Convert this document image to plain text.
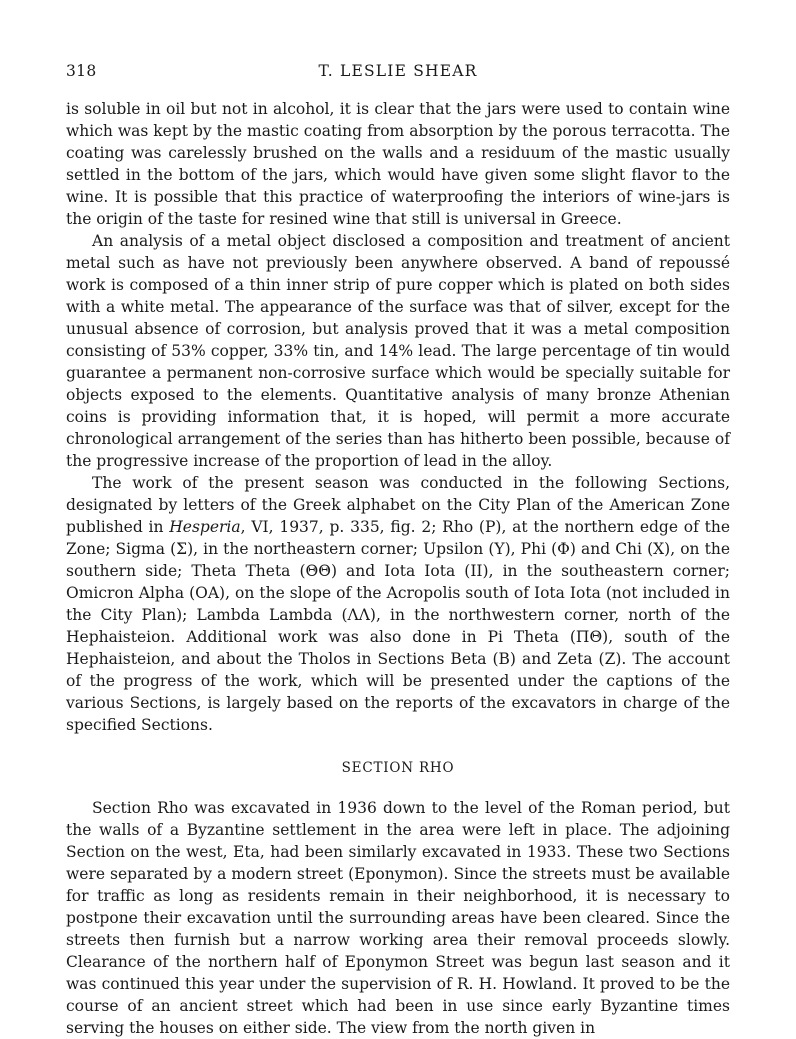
318	T. LESLIE SHEAR

is soluble in oil but not in alcohol, it is clear that the jars were used to contain wine which was kept by the mastic coating from absorption by the porous terracotta. The coating was carelessly brushed on the walls and a residuum of the mastic usually settled in the bottom of the jars, which would have given some slight flavor to the wine. It is possible that this practice of waterproofing the interiors of wine-jars is the origin of the taste for resined wine that still is universal in Greece.

An analysis of a metal object disclosed a composition and treatment of ancient metal such as have not previously been anywhere observed. A band of repoussé work is composed of a thin inner strip of pure copper which is plated on both sides with a white metal. The appearance of the surface was that of silver, except for the unusual absence of corrosion, but analysis proved that it was a metal composition consisting of 53% copper, 33% tin, and 14% lead. The large percentage of tin would guarantee a permanent non-corrosive surface which would be specially suitable for objects exposed to the elements. Quantitative analysis of many bronze Athenian coins is providing information that, it is hoped, will permit a more accurate chronological arrangement of the series than has hitherto been possible, because of the progressive increase of the proportion of lead in the alloy.

The work of the present season was conducted in the following Sections, designated by letters of the Greek alphabet on the City Plan of the American Zone published in Hesperia, VI, 1937, p. 335, fig. 2; Rho (Ρ), at the northern edge of the Zone; Sigma (Σ), in the northeastern corner; Upsilon (Υ), Phi (Φ) and Chi (Χ), on the southern side; Theta Theta (ΘΘ) and Iota Iota (ΙΙ), in the southeastern corner; Omicron Alpha (ΟΑ), on the slope of the Acropolis south of Iota Iota (not included in the City Plan); Lambda Lambda (ΛΛ), in the northwestern corner, north of the Hephaisteion. Additional work was also done in Pi Theta (ΠΘ), south of the Hephaisteion, and about the Tholos in Sections Beta (Β) and Zeta (Ζ). The account of the progress of the work, which will be presented under the captions of the various Sections, is largely based on the reports of the excavators in charge of the specified Sections.

SECTION RHO

Section Rho was excavated in 1936 down to the level of the Roman period, but the walls of a Byzantine settlement in the area were left in place. The adjoining Section on the west, Eta, had been similarly excavated in 1933. These two Sections were separated by a modern street (Eponymon). Since the streets must be available for traffic as long as residents remain in their neighborhood, it is necessary to postpone their excavation until the surrounding areas have been cleared. Since the streets then furnish but a narrow working area their removal proceeds slowly. Clearance of the northern half of Eponymon Street was begun last season and it was continued this year under the supervision of R. H. Howland. It proved to be the course of an ancient street which had been in use since early Byzantine times serving the houses on either side. The view from the north given in
